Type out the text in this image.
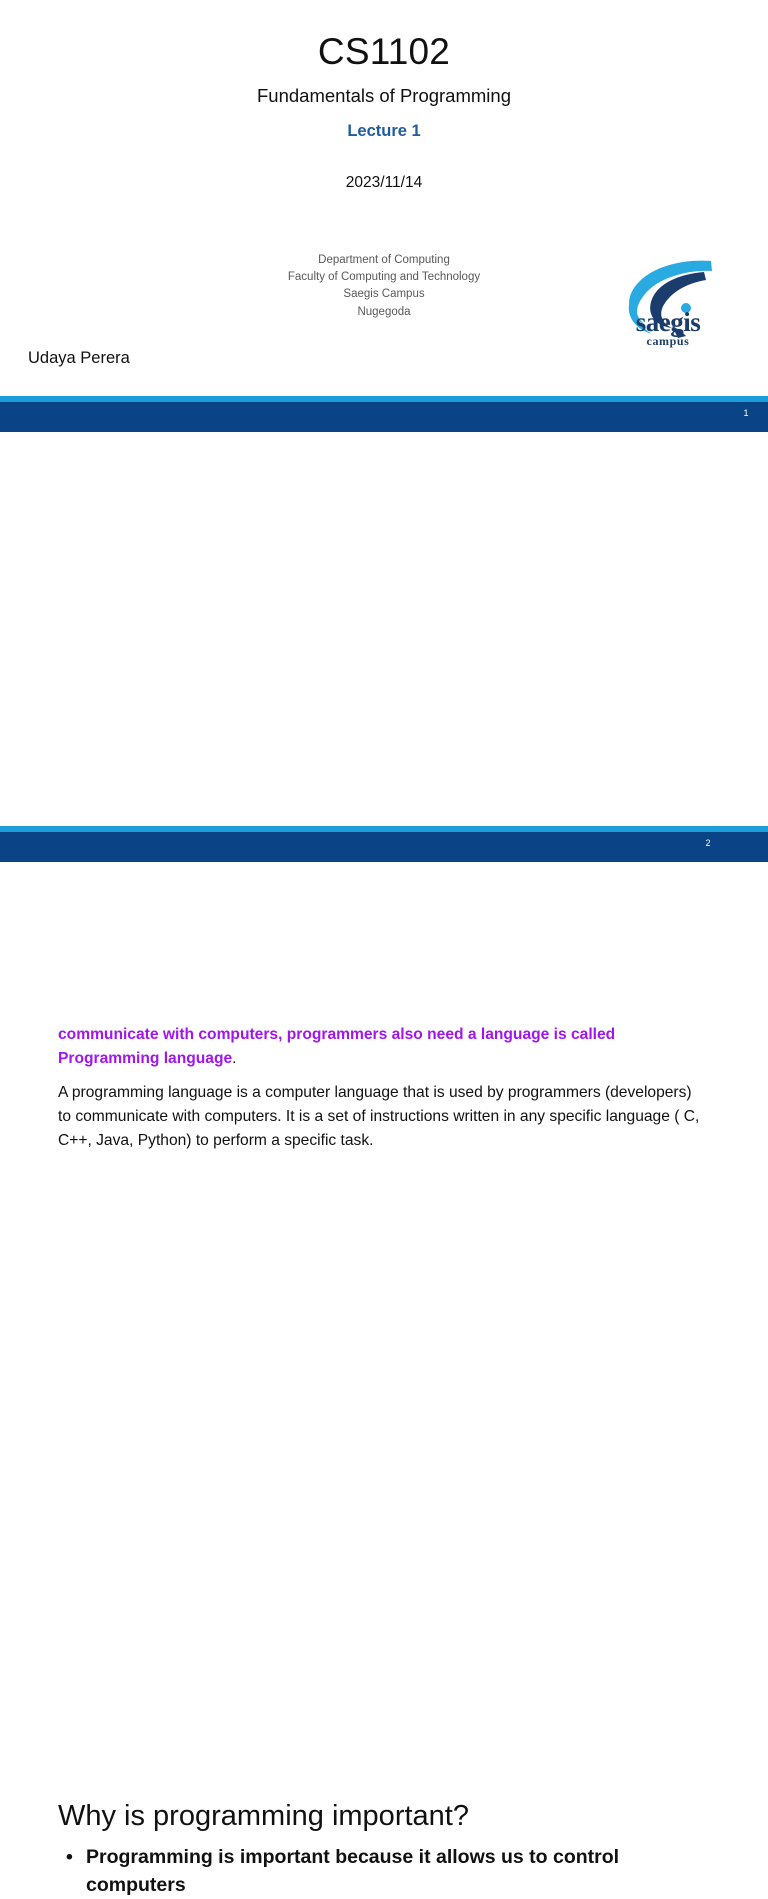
CS1102
Fundamentals of Programming
Lecture 1
2023/11/14
Department of Computing
Faculty of Computing and Technology
Saegis Campus
Nugegoda
Udaya Perera
saegis
campus
1

communicate with computers, programmers also need a language is called Programming language.

A programming language is a computer language that is used by programmers (developers) to communicate with computers. It is a set of instructions written in any specific language ( C, C++, Java, Python) to perform a specific task.

2
Why is programming important?
• Programming is important because it allows us to control computers
